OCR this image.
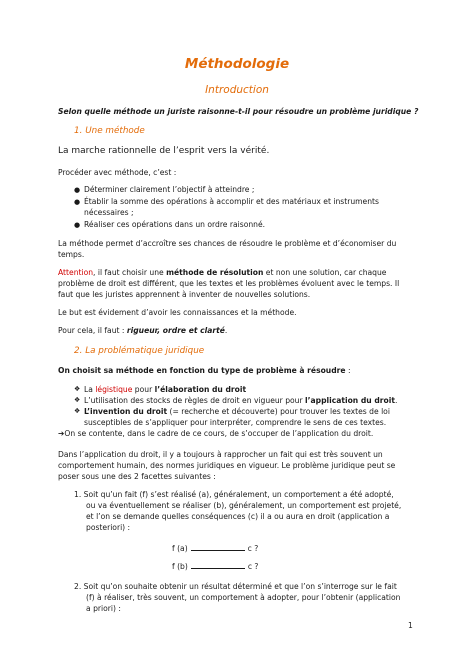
Méthodologie
Introduction
Selon quelle méthode un juriste raisonne-t-il pour résoudre un problème juridique ?
1. Une méthode
La marche rationnelle de l’esprit vers la vérité.
Procéder avec méthode, c’est :
● Déterminer clairement l’objectif à atteindre ;
● Établir la somme des opérations à accomplir et des matériaux et instruments
nécessaires ;
● Réaliser ces opérations dans un ordre raisonné.
La méthode permet d’accroître ses chances de résoudre le problème et d’économiser du
temps.
Attention, il faut choisir une méthode de résolution et non une solution, car chaque
problème de droit est différent, que les textes et les problèmes évoluent avec le temps. Il
faut que les juristes apprennent à inventer de nouvelles solutions.
Le but est évidement d’avoir les connaissances et la méthode.
Pour cela, il faut : rigueur, ordre et clarté.
2. La problématique juridique
On choisit sa méthode en fonction du type de problème à résoudre :
❖ La légistique pour l’élaboration du droit
❖ L’utilisation des stocks de règles de droit en vigueur pour l’application du droit.
❖ L’invention du droit (= recherche et découverte) pour trouver les textes de loi
susceptibles de s’appliquer pour interpréter, comprendre le sens de ces textes.
➔On se contente, dans le cadre de ce cours, de s’occuper de l’application du droit.
Dans l’application du droit, il y a toujours à rapprocher un fait qui est très souvent un
comportement humain, des normes juridiques en vigueur. Le problème juridique peut se
poser sous une des 2 facettes suivantes :
1. Soit qu’un fait (f) s’est réalisé (a), généralement, un comportement a été adopté,
ou va éventuellement se réaliser (b), généralement, un comportement est projeté,
et l’on se demande quelles conséquences (c) il a ou aura en droit (application a
posteriori) :
f (a)	c ?
f (b)	c ?
2. Soit qu’on souhaite obtenir un résultat déterminé et que l’on s’interroge sur le fait
(f) à réaliser, très souvent, un comportement à adopter, pour l’obtenir (application
a priori) :
1
